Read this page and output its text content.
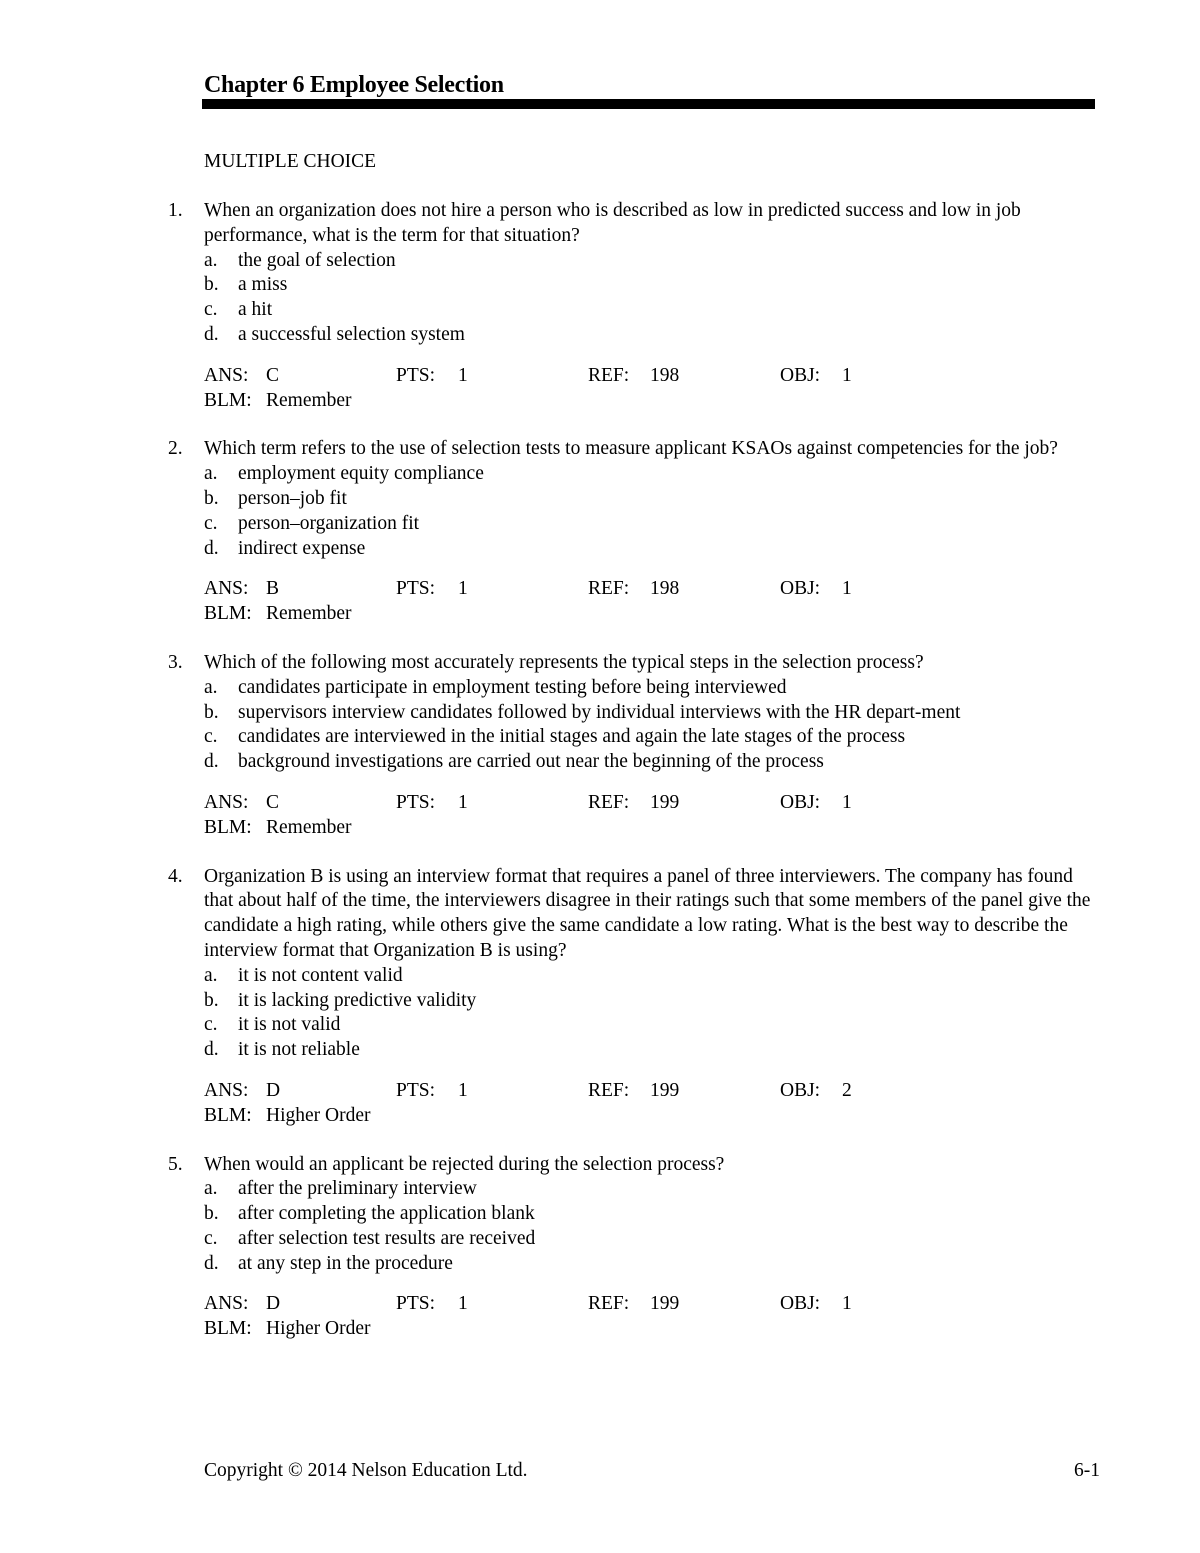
Chapter 6 Employee Selection
MULTIPLE CHOICE
1.	When an organization does not hire a person who is described as low in predicted success and low in job performance, what is the term for that situation?

a.	the goal of selection
b. a miss
c.	a hit
d. a successful selection system
ANS: C	PTS:	1	REF:	198	OBJ:	1
BLM: Remember
2.	Which term refers to the use of selection tests to measure applicant KSAOs against competencies for the job?

a.	employment equity compliance
b. person–job fit
c.	person–organization fit
d. indirect expense
ANS: B	PTS:	1	REF:	198	OBJ:	1
BLM: Remember
3.	Which of the following most accurately represents the typical steps in the selection process?

a.	candidates participate in employment testing before being interviewed
b. supervisors interview candidates followed by individual interviews with the HR depart-ment
c.	candidates are interviewed in the initial stages and again the late stages of the process
d. background investigations are carried out near the beginning of the process
ANS: C	PTS:	1	REF:	199	OBJ:	1
BLM: Remember
4.	Organization B is using an interview format that requires a panel of three interviewers. The company has found that about half of the time, the interviewers disagree in their ratings such that some members of the panel give the candidate a high rating, while others give the same candidate a low rating. What is the best way to describe the interview format that Organization B is using?

a.	it is not content valid
b. it is lacking predictive validity
c.	it is not valid
d. it is not reliable
ANS: D	PTS:	1	REF:	199	OBJ:	2
BLM: Higher Order
5.	When would an applicant be rejected during the selection process?

a.	after the preliminary interview
b. after completing the application blank
c.	after selection test results are received
d. at any step in the procedure
ANS: D	PTS:	1	REF:	199	OBJ:	1
BLM: Higher Order
Copyright © 2014 Nelson Education Ltd.	6-1
